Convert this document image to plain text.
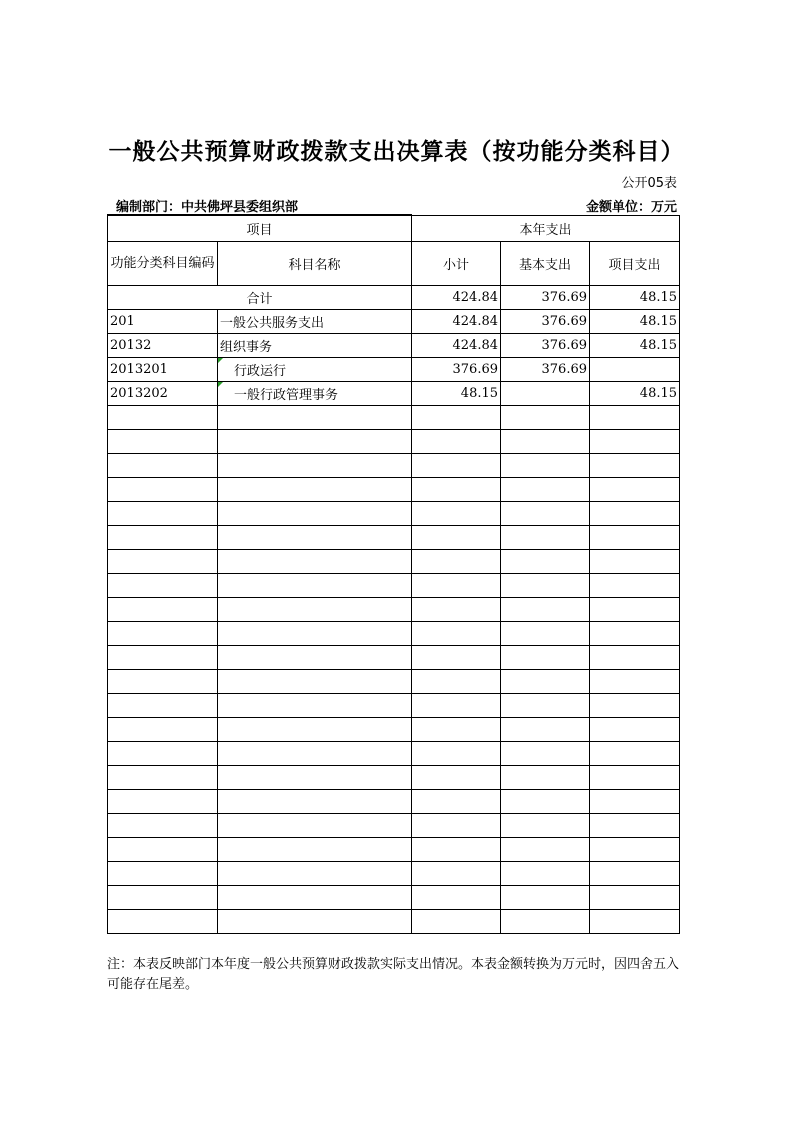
一般公共预算财政拨款支出决算表（按功能分类科目）
公开05表
编制部门：中共佛坪县委组织部	金额单位：万元
项目		本年支出		
功能分类科目编码	科目名称	小计	基本支出	项目支出
合计		424.84	376.69	48.15
201	一般公共服务支出	424.84	376.69	48.15
20132	组织事务	424.84	376.69	48.15
2013201	行政运行	376.69	376.69	
2013202	一般行政管理事务	48.15		48.15

注：本表反映部门本年度一般公共预算财政拨款实际支出情况。本表金额转换为万元时，因四舍五入可能存在尾差。
